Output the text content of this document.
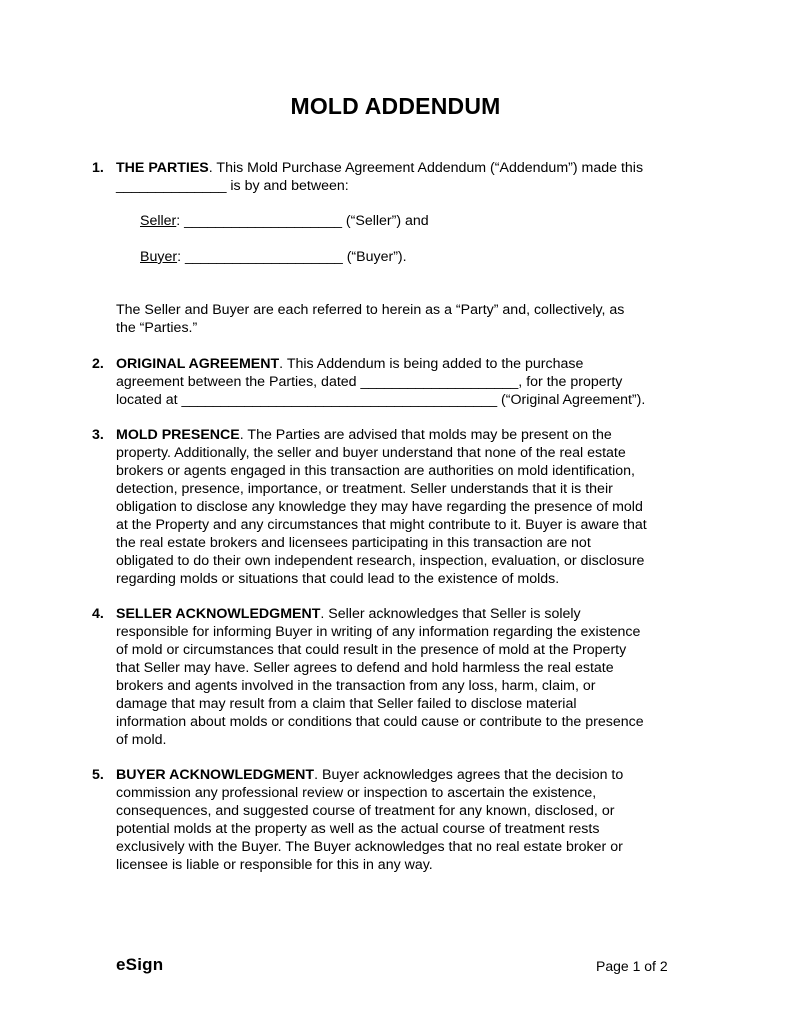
MOLD ADDENDUM
1. THE PARTIES. This Mold Purchase Agreement Addendum (“Addendum”) made this
______________ is by and between:
Seller: ____________________ (“Seller”) and
Buyer: ____________________ (“Buyer”).
The Seller and Buyer are each referred to herein as a “Party” and, collectively, as
the “Parties.”
2. ORIGINAL AGREEMENT. This Addendum is being added to the purchase
agreement between the Parties, dated ____________________, for the property
located at ________________________________________ (“Original Agreement”).
3. MOLD PRESENCE. The Parties are advised that molds may be present on the
property. Additionally, the seller and buyer understand that none of the real estate
brokers or agents engaged in this transaction are authorities on mold identification,
detection, presence, importance, or treatment. Seller understands that it is their
obligation to disclose any knowledge they may have regarding the presence of mold
at the Property and any circumstances that might contribute to it. Buyer is aware that
the real estate brokers and licensees participating in this transaction are not
obligated to do their own independent research, inspection, evaluation, or disclosure
regarding molds or situations that could lead to the existence of molds.
4. SELLER ACKNOWLEDGMENT. Seller acknowledges that Seller is solely
responsible for informing Buyer in writing of any information regarding the existence
of mold or circumstances that could result in the presence of mold at the Property
that Seller may have. Seller agrees to defend and hold harmless the real estate
brokers and agents involved in the transaction from any loss, harm, claim, or
damage that may result from a claim that Seller failed to disclose material
information about molds or conditions that could cause or contribute to the presence
of mold.
5. BUYER ACKNOWLEDGMENT. Buyer acknowledges agrees that the decision to
commission any professional review or inspection to ascertain the existence,
consequences, and suggested course of treatment for any known, disclosed, or
potential molds at the property as well as the actual course of treatment rests
exclusively with the Buyer. The Buyer acknowledges that no real estate broker or
licensee is liable or responsible for this in any way.
eSign	Page 1 of 2
